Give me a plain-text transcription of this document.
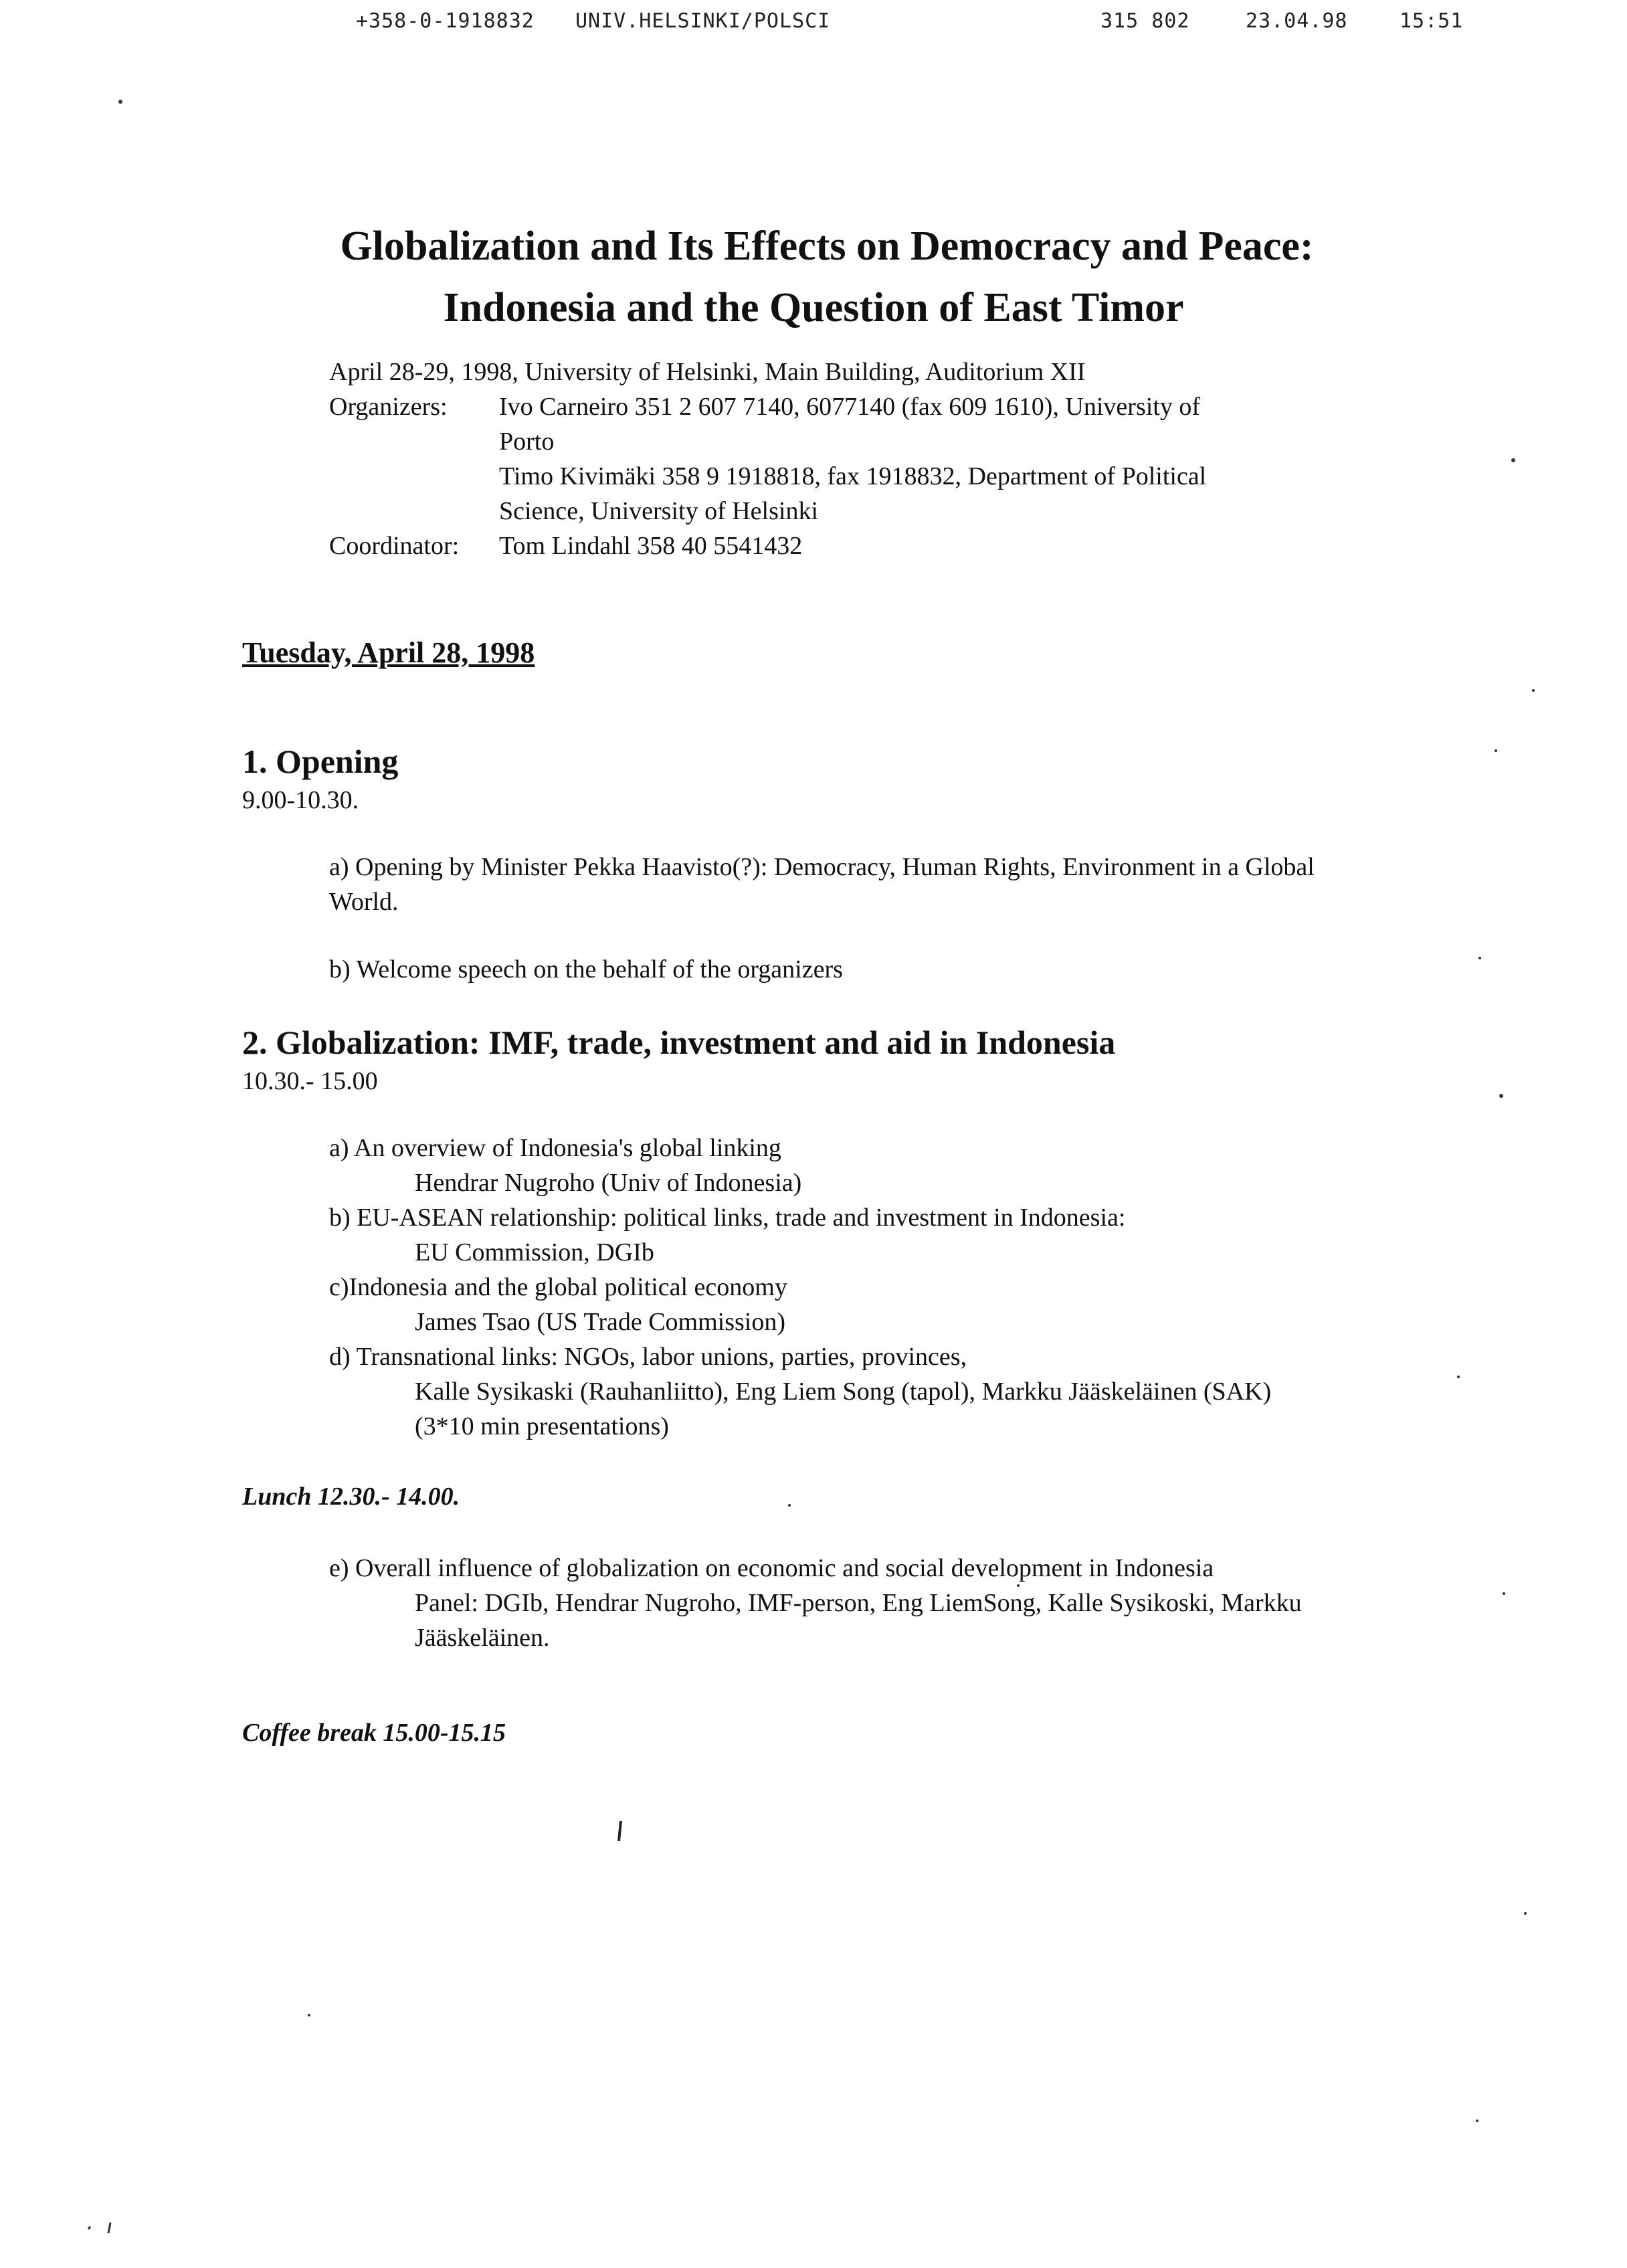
+358-0-1918832 UNIV.HELSINKI/POLSCI	315 802	23.04.98	15:51
Globalization and Its Effects on Democracy and Peace:
Indonesia and the Question of East Timor
April 28-29, 1998, University of Helsinki, Main Building, Auditorium XII
Organizers:	Ivo Carneiro 351 2 607 7140, 6077140 (fax 609 1610), University of
Porto
Timo Kivimäki 358 9 1918818, fax 1918832, Department of Political
Science, University of Helsinki
Coordinator:	Tom Lindahl 358 40 5541432
Tuesday, April 28, 1998
1. Opening
9.00-10.30.
a) Opening by Minister Pekka Haavisto(?): Democracy, Human Rights, Environment in a Global World.
b) Welcome speech on the behalf of the organizers
2. Globalization: IMF, trade, investment and aid in Indonesia
10.30.- 15.00
a) An overview of Indonesia's global linking
Hendrar Nugroho (Univ of Indonesia)
b) EU-ASEAN relationship: political links, trade and investment in Indonesia:
EU Commission, DGIb
c)Indonesia and the global political economy
James Tsao (US Trade Commission)
d) Transnational links: NGOs, labor unions, parties, provinces,
Kalle Sysikaski (Rauhanliitto), Eng Liem Song (tapol), Markku Jääskeläinen (SAK) (3*10 min presentations)
Lunch 12.30.- 14.00.
e) Overall influence of globalization on economic and social development in Indonesia
Panel: DGIb, Hendrar Nugroho, IMF-person, Eng LiemSong, Kalle Sysikoski, Markku Jääskeläinen.
Coffee break 15.00-15.15
